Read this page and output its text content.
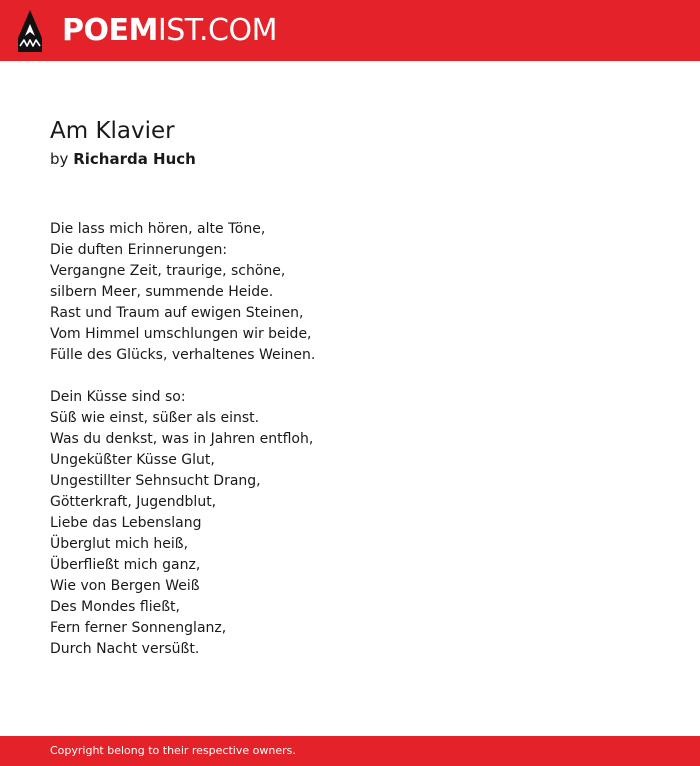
POEMIST.COM
Am Klavier
by Richarda Huch

Die lass mich hören, alte Töne,
Die duften Erinnerungen:
Vergangne Zeit, traurige, schöne,
silbern Meer, summende Heide.
Rast und Traum auf ewigen Steinen,
Vom Himmel umschlungen wir beide,
Fülle des Glücks, verhaltenes Weinen.

Dein Küsse sind so:
Süß wie einst, süßer als einst.
Was du denkst, was in Jahren entfloh,
Ungeküßter Küsse Glut,
Ungestillter Sehnsucht Drang,
Götterkraft, Jugendblut,
Liebe das Lebenslang
Überglut mich heiß,
Überfließt mich ganz,
Wie von Bergen Weiß
Des Mondes fließt,
Fern ferner Sonnenglanz,
Durch Nacht versüßt.

Copyright belong to their respective owners.
